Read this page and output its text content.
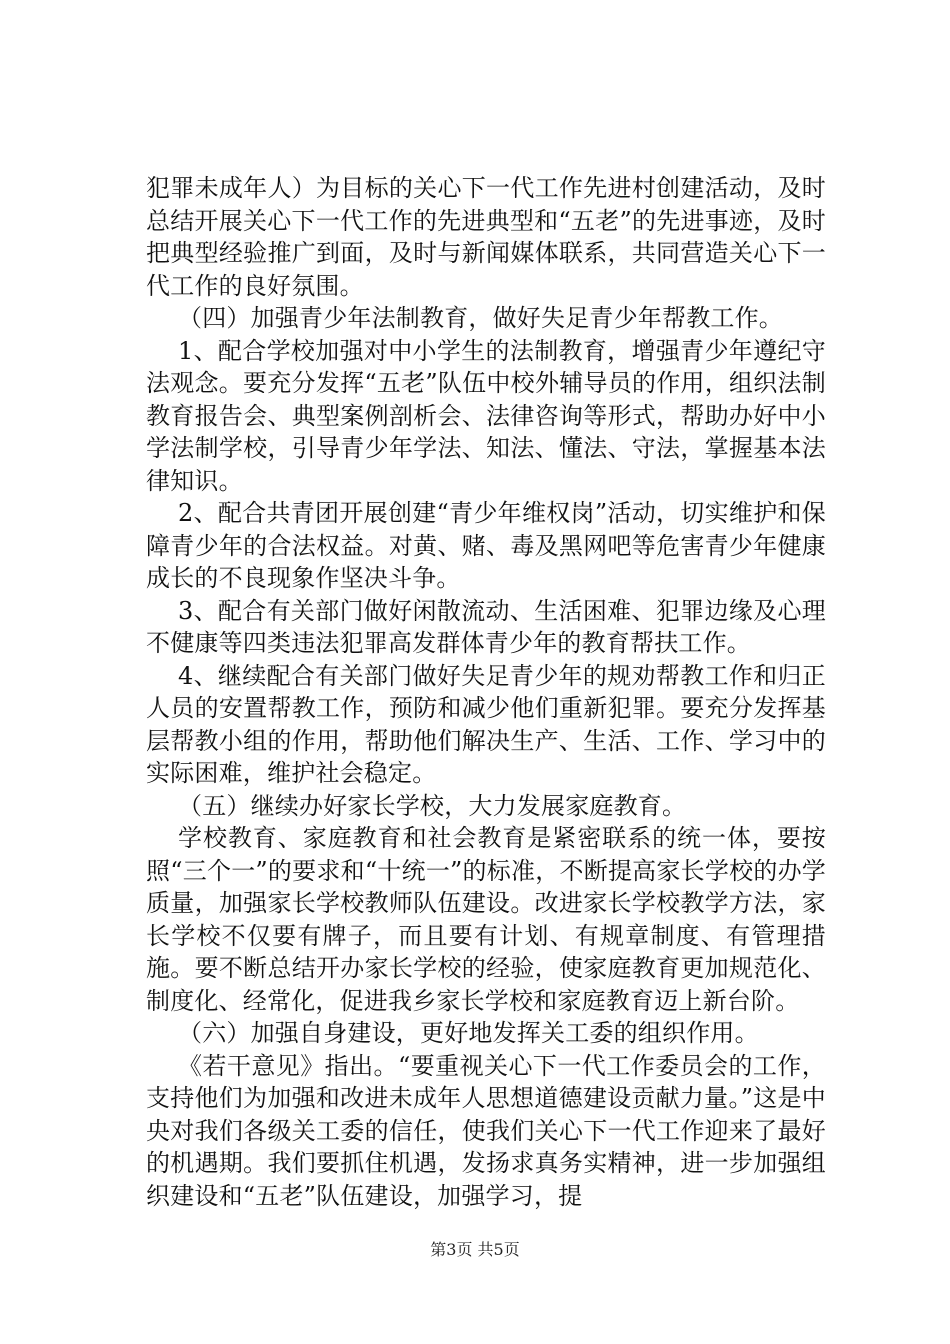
犯罪未成年人）为目标的关心下一代工作先进村创建活动，及时总结开展关心下一代工作的先进典型和“五老”的先进事迹，及时把典型经验推广到面，及时与新闻媒体联系，共同营造关心下一代工作的良好氛围。

（四）加强青少年法制教育，做好失足青少年帮教工作。

1、配合学校加强对中小学生的法制教育，增强青少年遵纪守法观念。要充分发挥“五老”队伍中校外辅导员的作用，组织法制教育报告会、典型案例剖析会、法律咨询等形式，帮助办好中小学法制学校，引导青少年学法、知法、懂法、守法，掌握基本法律知识。

2、配合共青团开展创建“青少年维权岗”活动，切实维护和保障青少年的合法权益。对黄、赌、毒及黑网吧等危害青少年健康成长的不良现象作坚决斗争。

3、配合有关部门做好闲散流动、生活困难、犯罪边缘及心理不健康等四类违法犯罪高发群体青少年的教育帮扶工作。

4、继续配合有关部门做好失足青少年的规劝帮教工作和归正人员的安置帮教工作，预防和减少他们重新犯罪。要充分发挥基层帮教小组的作用，帮助他们解决生产、生活、工作、学习中的实际困难，维护社会稳定。

（五）继续办好家长学校，大力发展家庭教育。

学校教育、家庭教育和社会教育是紧密联系的统一体，要按照“三个一”的要求和“十统一”的标准，不断提高家长学校的办学质量，加强家长学校教师队伍建设。改进家长学校教学方法，家长学校不仅要有牌子，而且要有计划、有规章制度、有管理措施。要不断总结开办家长学校的经验，使家庭教育更加规范化、制度化、经常化，促进我乡家长学校和家庭教育迈上新台阶。

（六）加强自身建设，更好地发挥关工委的组织作用。

《若干意见》指出。“要重视关心下一代工作委员会的工作，支持他们为加强和改进未成年人思想道德建设贡献力量。”这是中央对我们各级关工委的信任，使我们关心下一代工作迎来了最好的机遇期。我们要抓住机遇，发扬求真务实精神，进一步加强组织建设和“五老”队伍建设，加强学习，提

第3页 共5页
